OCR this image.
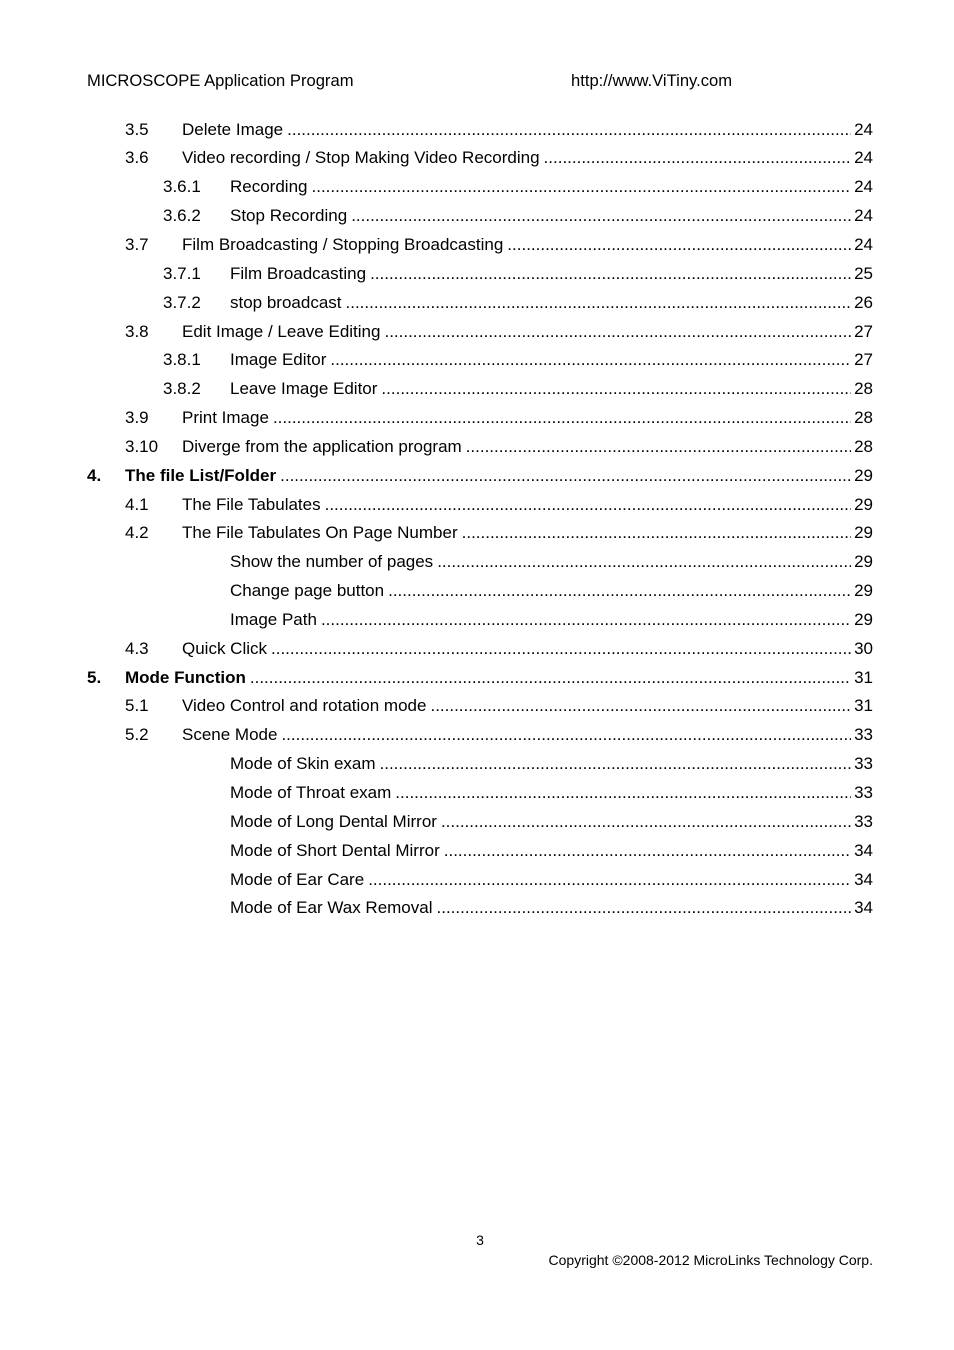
MICROSCOPE Application Program	http://www.ViTiny.com
3.5 Delete Image .....	24
3.6 Video recording / Stop Making Video Recording .....	24
3.6.1 Recording .....	24
3.6.2 Stop Recording .....	24
3.7 Film Broadcasting / Stopping Broadcasting .....	24
3.7.1 Film Broadcasting .....	25
3.7.2 stop broadcast .....	26
3.8 Edit Image / Leave Editing .....	27
3.8.1 Image Editor .....	27
3.8.2 Leave Image Editor .....	28
3.9 Print Image .....	28
3.10 Diverge from the application program .....	28
4. The file List/Folder .....	29
4.1 The File Tabulates .....	29
4.2 The File Tabulates On Page Number .....	29
Show the number of pages .....	29
Change page button .....	29
Image Path .....	29
4.3 Quick Click .....	30
5. Mode Function .....	31
5.1 Video Control and rotation mode .....	31
5.2 Scene Mode .....	33
Mode of Skin exam .....	33
Mode of Throat exam .....	33
Mode of Long Dental Mirror .....	33
Mode of Short Dental Mirror .....	34
Mode of Ear Care .....	34
Mode of Ear Wax Removal .....	34
3
Copyright ©2008-2012 MicroLinks Technology Corp.
